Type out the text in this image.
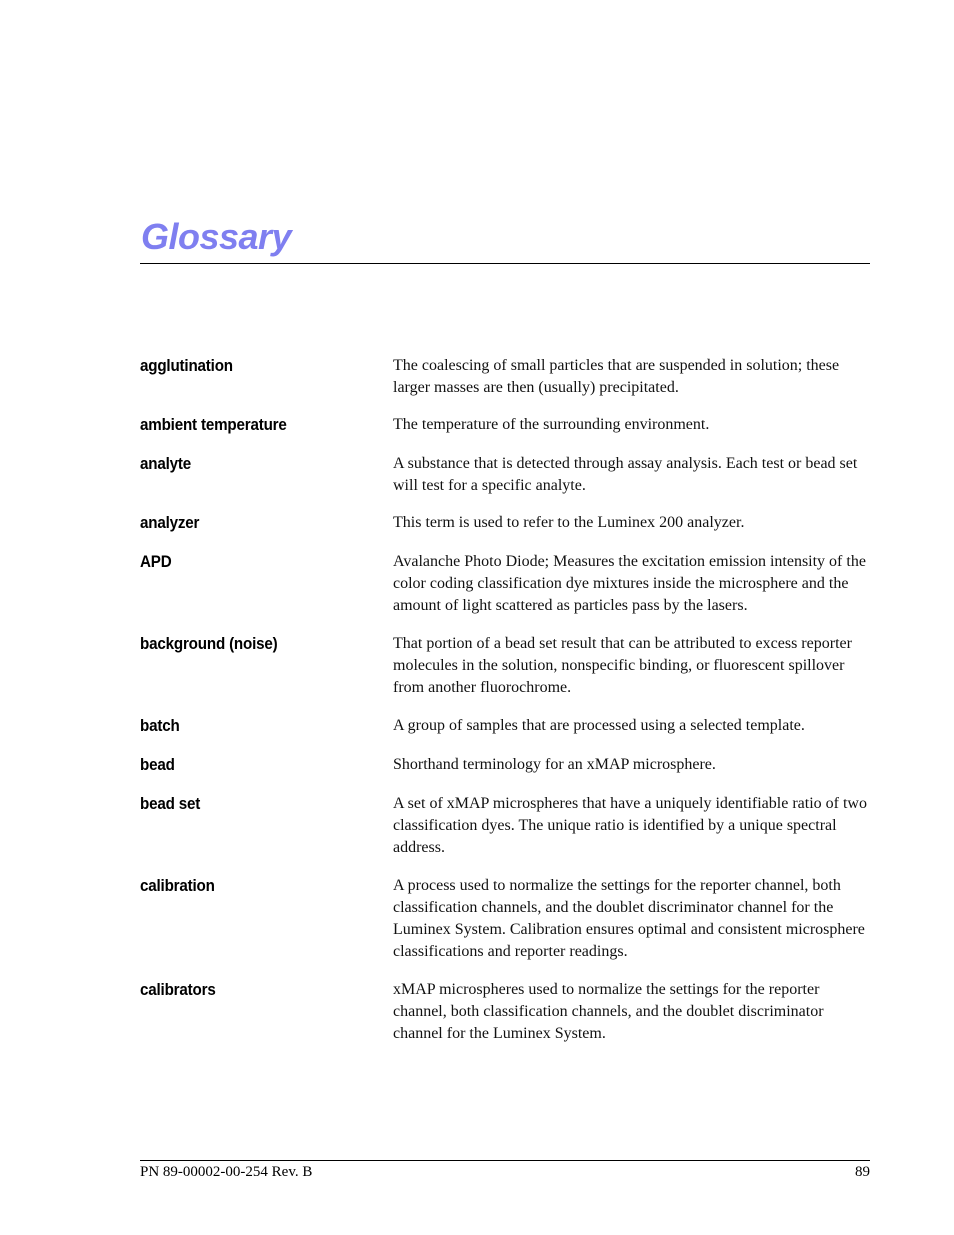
Glossary
agglutination	The coalescing of small particles that are suspended in solution; these larger masses are then (usually) precipitated.
ambient temperature	The temperature of the surrounding environment.
analyte	A substance that is detected through assay analysis. Each test or bead set will test for a specific analyte.
analyzer	This term is used to refer to the Luminex 200 analyzer.
APD	Avalanche Photo Diode; Measures the excitation emission intensity of the color coding classification dye mixtures inside the microsphere and the amount of light scattered as particles pass by the lasers.
background (noise)	That portion of a bead set result that can be attributed to excess reporter molecules in the solution, nonspecific binding, or fluorescent spillover from another fluorochrome.
batch	A group of samples that are processed using a selected template.
bead	Shorthand terminology for an xMAP microsphere.
bead set	A set of xMAP microspheres that have a uniquely identifiable ratio of two classification dyes. The unique ratio is identified by a unique spectral address.
calibration	A process used to normalize the settings for the reporter channel, both classification channels, and the doublet discriminator channel for the Luminex System. Calibration ensures optimal and consistent microsphere classifications and reporter readings.
calibrators	xMAP microspheres used to normalize the settings for the reporter channel, both classification channels, and the doublet discriminator channel for the Luminex System.
PN 89-00002-00-254 Rev. B	89
